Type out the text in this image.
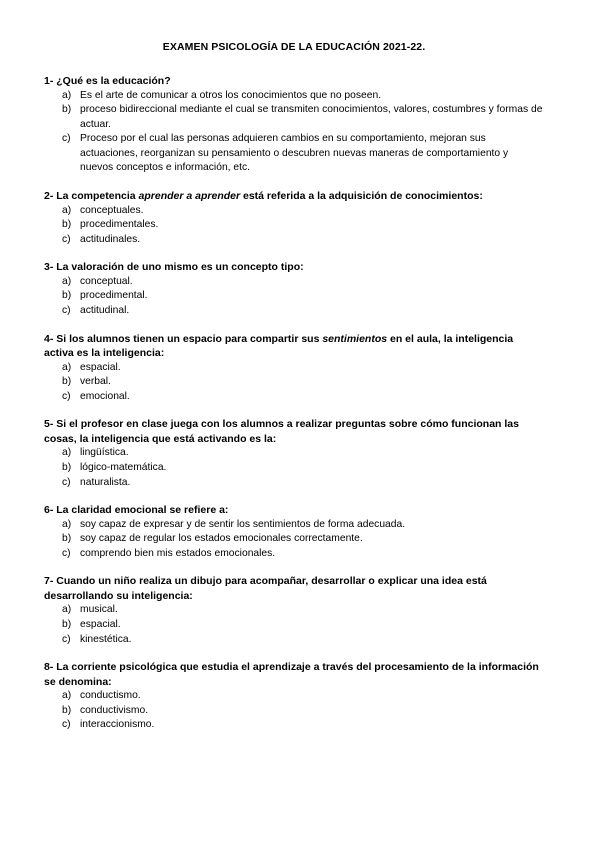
EXAMEN PSICOLOGÍA DE LA EDUCACIÓN 2021-22.

1- ¿Qué es la educación?

a) Es el arte de comunicar a otros los conocimientos que no poseen.
b) proceso bidireccional mediante el cual se transmiten conocimientos, valores, costumbres y formas de actuar.
c) Proceso por el cual las personas adquieren cambios en su comportamiento, mejoran sus actuaciones, reorganizan su pensamiento o descubren nuevas maneras de comportamiento y nuevos conceptos e información, etc.

2- La competencia aprender a aprender está referida a la adquisición de conocimientos:

a) conceptuales.
b) procedimentales.
c) actitudinales.

3- La valoración de uno mismo es un concepto tipo:

a) conceptual.
b) procedimental.
c) actitudinal.

4- Si los alumnos tienen un espacio para compartir sus sentimientos en el aula, la inteligencia activa es la inteligencia:

a) espacial.
b) verbal.
c) emocional.

5- Si el profesor en clase juega con los alumnos a realizar preguntas sobre cómo funcionan las cosas, la inteligencia que está activando es la:

a) lingüística.
b) lógico-matemática.
c) naturalista.

6- La claridad emocional se refiere a:

a) soy capaz de expresar y de sentir los sentimientos de forma adecuada.
b) soy capaz de regular los estados emocionales correctamente.
c) comprendo bien mis estados emocionales.

7- Cuando un niño realiza un dibujo para acompañar, desarrollar o explicar una idea está desarrollando su inteligencia:

a) musical.
b) espacial.
c) kinestética.

8- La corriente psicológica que estudia el aprendizaje a través del procesamiento de la información se denomina:

a) conductismo.
b) conductivismo.
c) interaccionismo.
